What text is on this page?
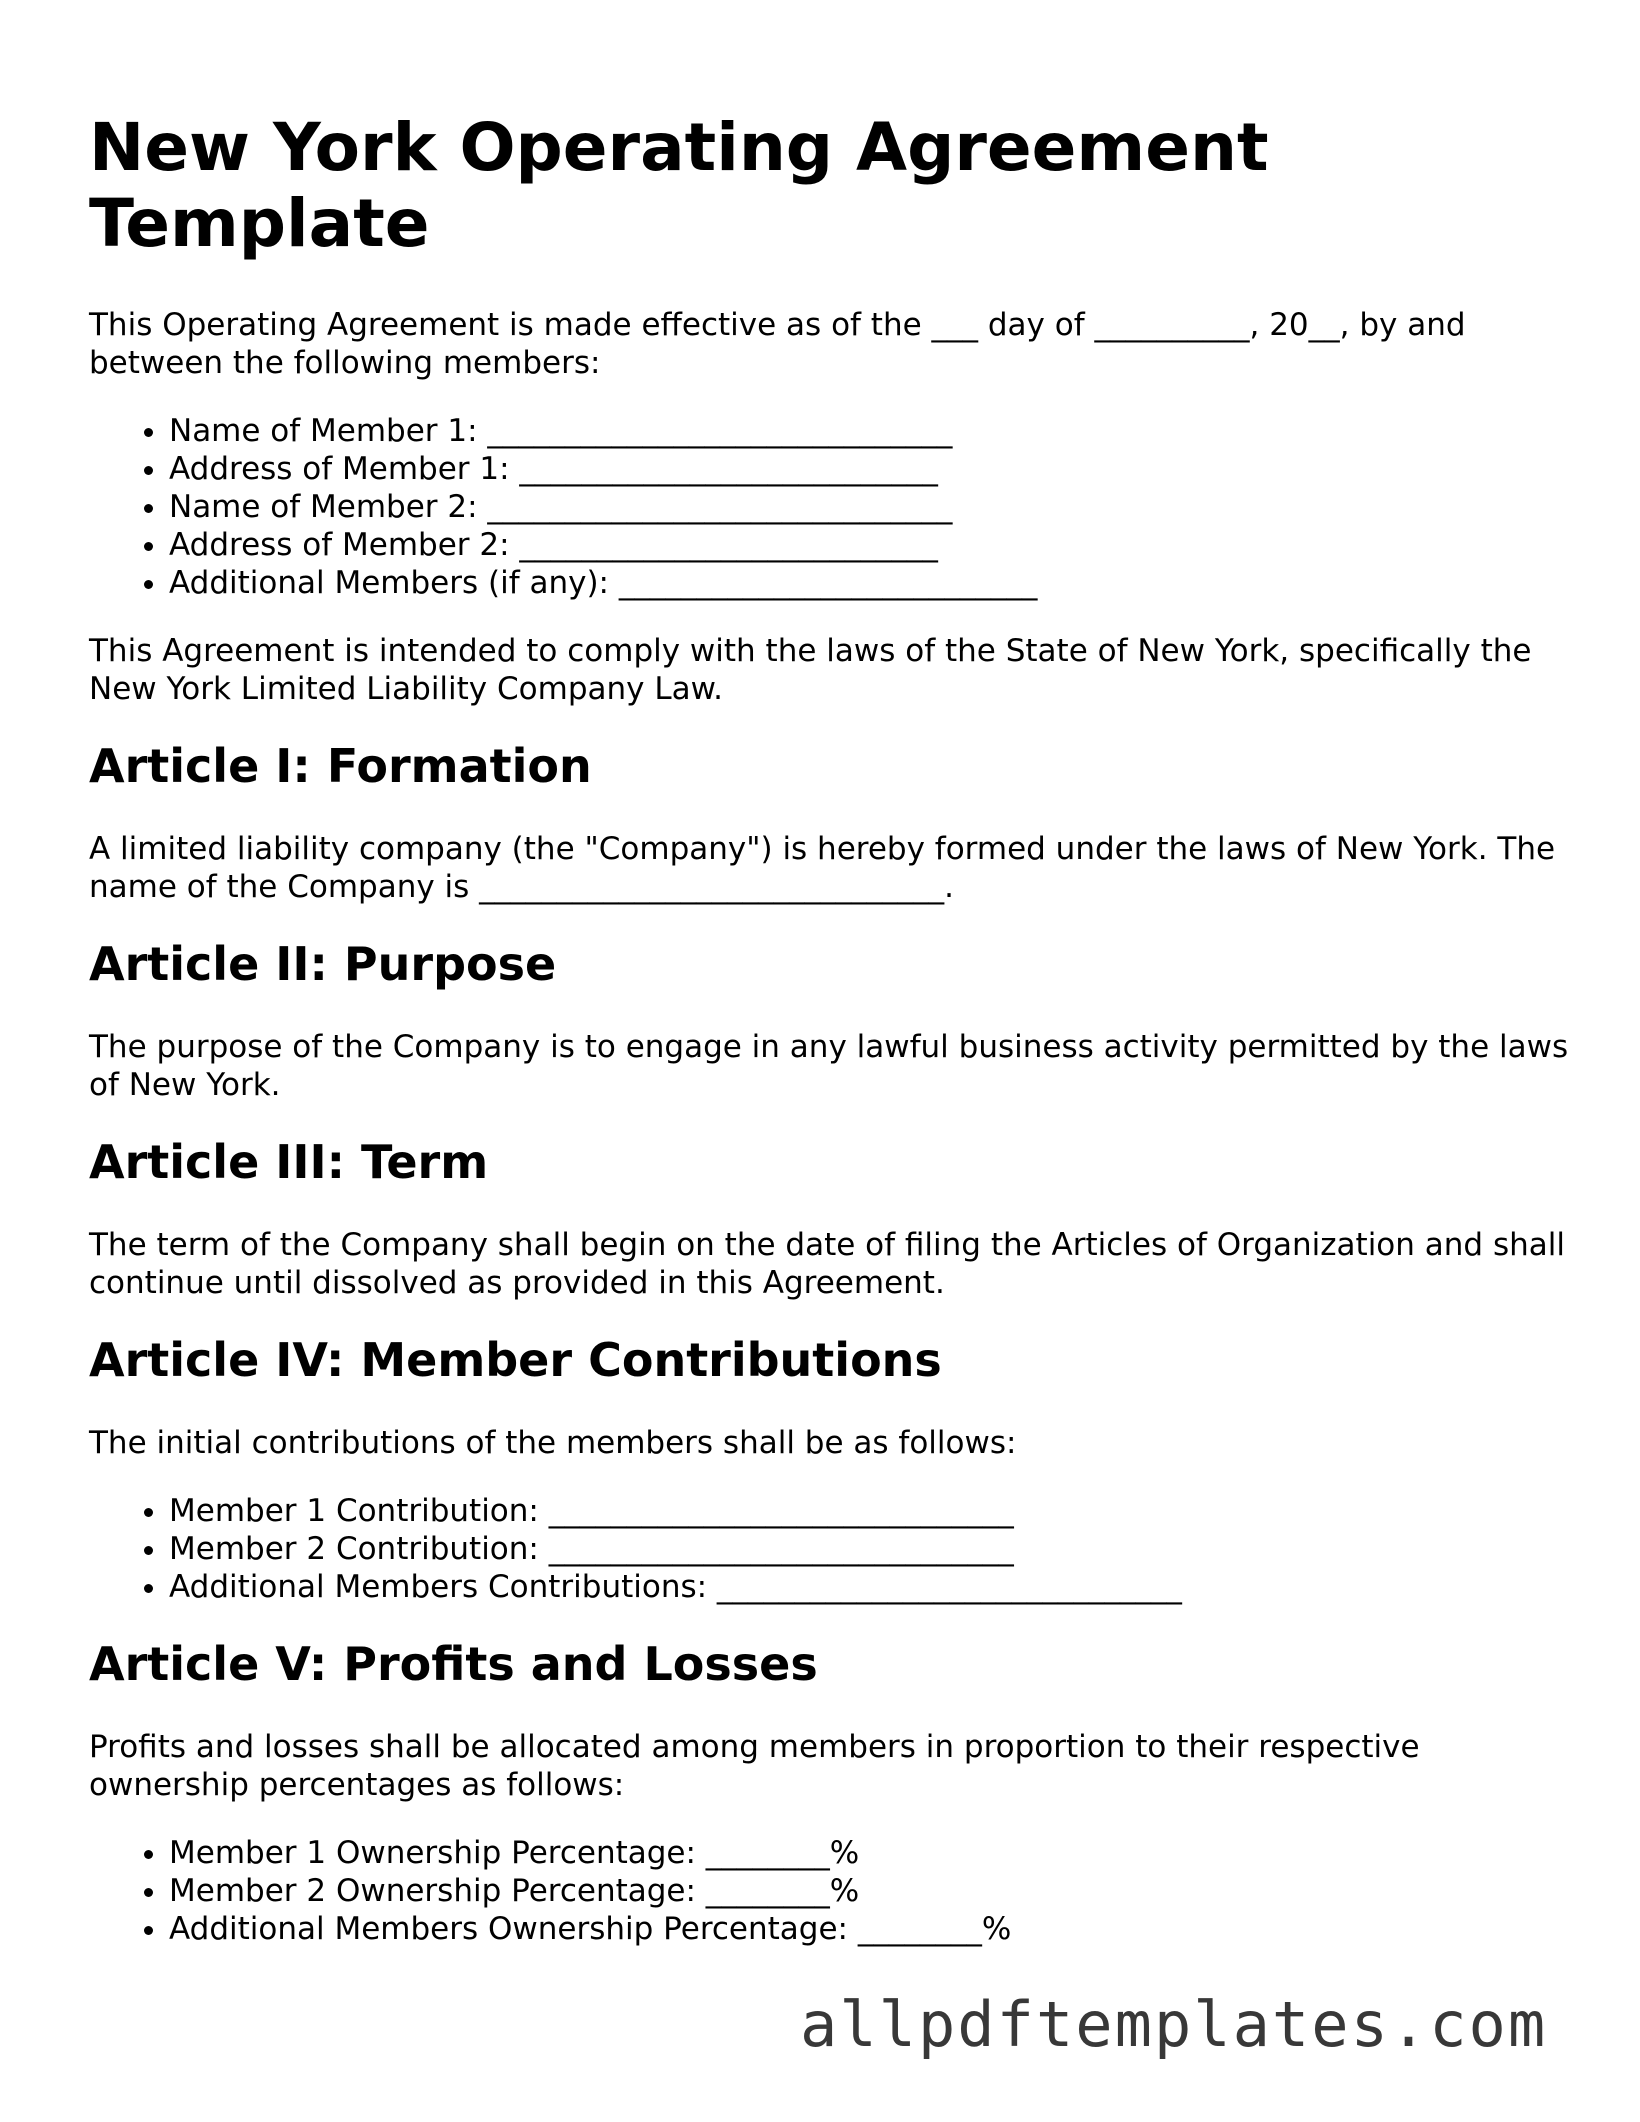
New York Operating Agreement Template

This Operating Agreement is made effective as of the ___ day of __________, 20__, by and between the following members:

• Name of Member 1: ______________________________
• Address of Member 1: ___________________________
• Name of Member 2: ______________________________
• Address of Member 2: ___________________________
• Additional Members (if any): ___________________________

This Agreement is intended to comply with the laws of the State of New York, specifically the New York Limited Liability Company Law.

Article I: Formation

A limited liability company (the "Company") is hereby formed under the laws of New York. The name of the Company is ______________________________.

Article II: Purpose

The purpose of the Company is to engage in any lawful business activity permitted by the laws of New York.

Article III: Term

The term of the Company shall begin on the date of filing the Articles of Organization and shall continue until dissolved as provided in this Agreement.

Article IV: Member Contributions

The initial contributions of the members shall be as follows:

• Member 1 Contribution: ______________________________
• Member 2 Contribution: ______________________________
• Additional Members Contributions: ______________________________
Article V: Profits and Losses

Profits and losses shall be allocated among members in proportion to their respective ownership percentages as follows:

• Member 1 Ownership Percentage: ________%
• Member 2 Ownership Percentage: ________%
• Additional Members Ownership Percentage: ________%
allpdftemplates.com
